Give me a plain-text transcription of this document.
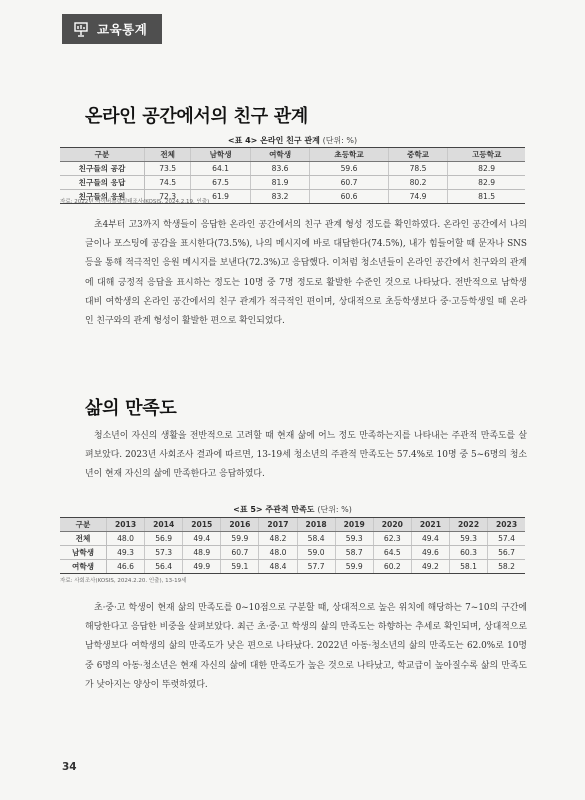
교육통계
온라인 공간에서의 친구 관계
<표 4> 온라인 친구 관계 (단위: %)
구분	전체	남학생	여학생	초등학교	중학교	고등학교
친구들의 공감	73.5	64.1	83.6	59.6	78.5	82.9
친구들의 응답	74.5	67.5	81.9	60.7	80.2	82.9
친구들의 응원	72.3	61.9	83.2	60.6	74.9	81.5
자료: 2022년 사이버폭력실태조사(KOSIS, 2024.2.19. 인출)

초4부터 고3까지 학생들이 응답한 온라인 공간에서의 친구 관계 형성 정도를 확인하였다. 온라인 공간에서 나의 글이나 포스팅에 공감을 표시한다(73.5%), 나의 메시지에 바로 대답한다(74.5%), 내가 힘들어할 때 문자나 SNS 등을 통해 적극적인 응원 메시지를 보낸다(72.3%)고 응답했다. 이처럼 청소년들이 온라인 공간에서 친구와의 관계에 대해 긍정적 응답을 표시하는 정도는 10명 중 7명 정도로 활발한 수준인 것으로 나타났다. 전반적으로 남학생 대비 여학생의 온라인 공간에서의 친구 관계가 적극적인 편이며, 상대적으로 초등학생보다 중·고등학생일 때 온라인 친구와의 관계 형성이 활발한 편으로 확인되었다.

삶의 만족도

청소년이 자신의 생활을 전반적으로 고려할 때 현재 삶에 어느 정도 만족하는지를 나타내는 주관적 만족도를 살펴보았다. 2023년 사회조사 결과에 따르면, 13-19세 청소년의 주관적 만족도는 57.4%로 10명 중 5~6명의 청소년이 현재 자신의 삶에 만족한다고 응답하였다.

<표 5> 주관적 만족도 (단위: %)
구분	2013	2014	2015	2016	2017	2018	2019	2020	2021	2022	2023
전체	48.0	56.9	49.4	59.9	48.2	58.4	59.3	62.3	49.4	59.3	57.4
남학생	49.3	57.3	48.9	60.7	48.0	59.0	58.7	64.5	49.6	60.3	56.7
여학생	46.6	56.4	49.9	59.1	48.4	57.7	59.9	60.2	49.2	58.1	58.2
자료: 사회조사(KOSIS, 2024.2.20. 인출), 13-19세

초·중·고 학생이 현재 삶의 만족도를 0~10점으로 구분할 때, 상대적으로 높은 위치에 해당하는 7~10의 구간에 해당한다고 응답한 비중을 살펴보았다. 최근 초·중·고 학생의 삶의 만족도는 하향하는 추세로 확인되며, 상대적으로 남학생보다 여학생의 삶의 만족도가 낮은 편으로 나타났다. 2022년 아동·청소년의 삶의 만족도는 62.0%로 10명 중 6명의 아동·청소년은 현재 자신의 삶에 대한 만족도가 높은 것으로 나타났고, 학교급이 높아질수록 삶의 만족도가 낮아지는 양상이 뚜렷하였다.

34
